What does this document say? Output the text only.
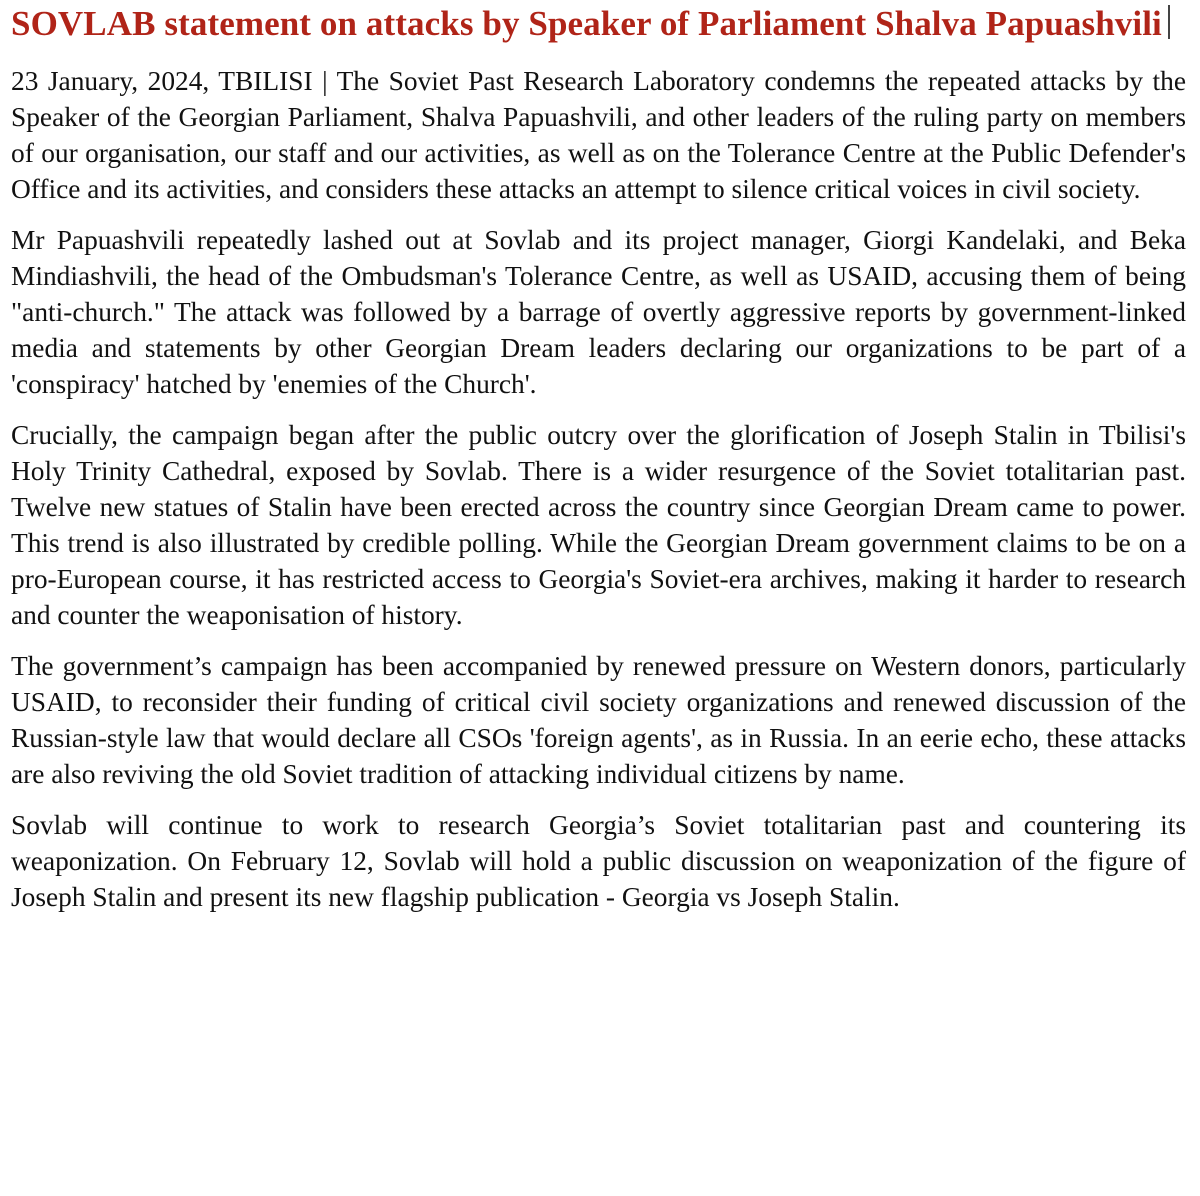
SOVLAB statement on attacks by Speaker of Parliament Shalva Papuashvili

23 January, 2024, TBILISI | The Soviet Past Research Laboratory condemns the repeated attacks by the Speaker of the Georgian Parliament, Shalva Papuashvili, and other leaders of the ruling party on members of our organisation, our staff and our activities, as well as on the Tolerance Centre at the Public Defender's Office and its activities, and considers these attacks an attempt to silence critical voices in civil society.

Mr Papuashvili repeatedly lashed out at Sovlab and its project manager, Giorgi Kandelaki, and Beka Mindiashvili, the head of the Ombudsman's Tolerance Centre, as well as USAID, accusing them of being "anti-church." The attack was followed by a barrage of overtly aggressive reports by government-linked media and statements by other Georgian Dream leaders declaring our organizations to be part of a 'conspiracy' hatched by 'enemies of the Church'.

Crucially, the campaign began after the public outcry over the glorification of Joseph Stalin in Tbilisi's Holy Trinity Cathedral, exposed by Sovlab. There is a wider resurgence of the Soviet totalitarian past. Twelve new statues of Stalin have been erected across the country since Georgian Dream came to power. This trend is also illustrated by credible polling. While the Georgian Dream government claims to be on a pro-European course, it has restricted access to Georgia's Soviet-era archives, making it harder to research and counter the weaponisation of history.

The government’s campaign has been accompanied by renewed pressure on Western donors, particularly USAID, to reconsider their funding of critical civil society organizations and renewed discussion of the Russian-style law that would declare all CSOs 'foreign agents', as in Russia. In an eerie echo, these attacks are also reviving the old Soviet tradition of attacking individual citizens by name.

Sovlab will continue to work to research Georgia’s Soviet totalitarian past and countering its weaponization. On February 12, Sovlab will hold a public discussion on weaponization of the figure of Joseph Stalin and present its new flagship publication - Georgia vs Joseph Stalin.
